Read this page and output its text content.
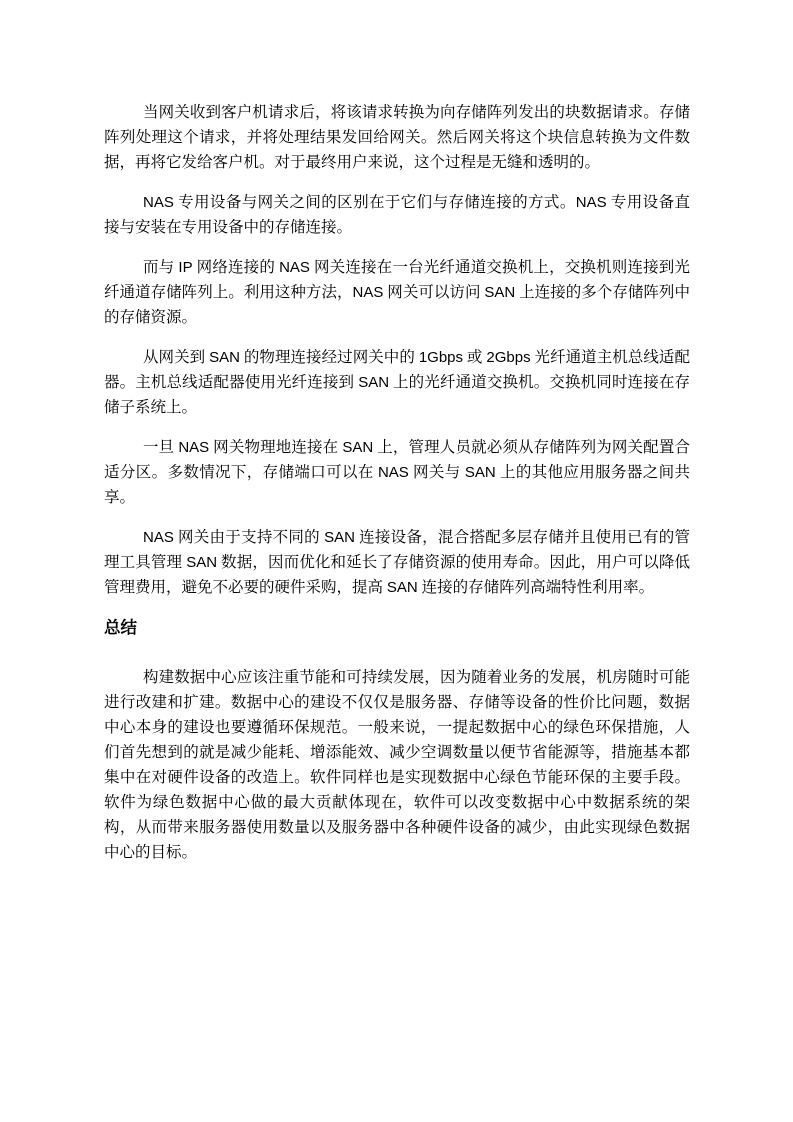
当网关收到客户机请求后，将该请求转换为向存储阵列发出的块数据请求。存储阵列处理这个请求，并将处理结果发回给网关。然后网关将这个块信息转换为文件数据，再将它发给客户机。对于最终用户来说，这个过程是无缝和透明的。

NAS 专用设备与网关之间的区别在于它们与存储连接的方式。NAS 专用设备直接与安装在专用设备中的存储连接。

而与 IP 网络连接的 NAS 网关连接在一台光纤通道交换机上，交换机则连接到光纤通道存储阵列上。利用这种方法，NAS 网关可以访问 SAN 上连接的多个存储阵列中的存储资源。

从网关到 SAN 的物理连接经过网关中的 1Gbps 或 2Gbps 光纤通道主机总线适配器。主机总线适配器使用光纤连接到 SAN 上的光纤通道交换机。交换机同时连接在存储子系统上。

一旦 NAS 网关物理地连接在 SAN 上，管理人员就必须从存储阵列为网关配置合适分区。多数情况下，存储端口可以在 NAS 网关与 SAN 上的其他应用服务器之间共享。

NAS 网关由于支持不同的 SAN 连接设备，混合搭配多层存储并且使用已有的管理工具管理 SAN 数据，因而优化和延长了存储资源的使用寿命。因此，用户可以降低管理费用，避免不必要的硬件采购，提高 SAN 连接的存储阵列高端特性利用率。

总结

构建数据中心应该注重节能和可持续发展，因为随着业务的发展，机房随时可能进行改建和扩建。数据中心的建设不仅仅是服务器、存储等设备的性价比问题，数据中心本身的建设也要遵循环保规范。一般来说，一提起数据中心的绿色环保措施，人们首先想到的就是减少能耗、增添能效、减少空调数量以便节省能源等，措施基本都集中在对硬件设备的改造上。软件同样也是实现数据中心绿色节能环保的主要手段。软件为绿色数据中心做的最大贡献体现在，软件可以改变数据中心中数据系统的架构，从而带来服务器使用数量以及服务器中各种硬件设备的减少，由此实现绿色数据中心的目标。
